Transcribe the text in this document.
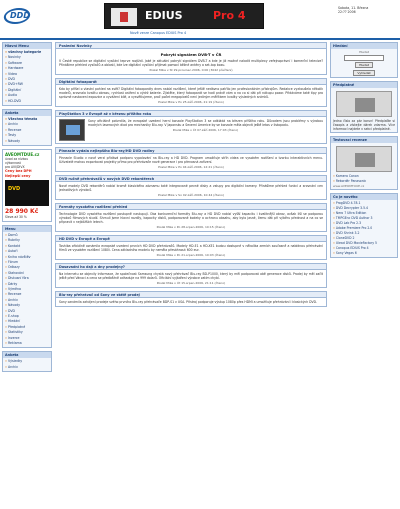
DDD	EDIUS	Pro 4
Nově verze Canopus EDIUS Pro 4
Sobota, 11. Března
22:?? 2006
Hlavní Menu
» všechny kategorie
» Novinky
» Software
» Hardware
» Videa
» DVD
» DVD+RW
» Digitální
» Audio
» HD-DVD
Anketa
» Všechna témata
» Archiv
» Recenze
» Testy
» Návody
AVEOMTDUE.cz
úvod za nízkou
výkonnost
pro AVI/DIVX
Ceny bez DPH
Nejlepší ceny
DVD
28 990 Kč
Sleva až 30 %
Menu
» Domů
» Rubriky
» Kontakt
» Autoři
» Kniha návštěv
» Fórum
» Odkazy
» Stahování
» Diskusní fóra
» Dárky
» Výměna
» Recenze
» Archiv
» Návody
» DVD
» E-shop
» Hledání
» Předplatné
» Statistiky
» Inzerce
» Reklama
Anketa
» Výsledky
» Archiv
Poslední Novinky
Pokrytí signálem DVB-T v ČR
V České republice se digitální vysílání teprve rozjíždí. Jaké je aktuální pokrytí signálem DVB-T a kde je již možné naladit multiplexy veřejnoprávní i komerční televize? Přinášíme přehled vysílačů a oblastí, kde lze digitální vysílání přijímat pomocí běžné antény a set-top boxu.
Poslal Mike v St 29.prosinec.2006, 0:00 (3042 přečtení)
Digitální fotoaparát
Kdo by přišel o vlastní pohled na svět? Digitální fotoaparáty dnes nabízí rozlišení, které ještě nedávno patřilo jen profesionálním přístrojům. Redakce vyzkoušela několik modelů, srovnala kvalitu obrazu, rychlost ostření a výdrž baterie. Zjistěte, který fotoaparát se hodí právě vám a na co si dát při nákupu pozor. Přidáváme také tipy pro správné nastavení expozice a vyvážení bílé, a vysvětlujeme, proč počet megapixelů není jediným měřítkem kvality výsledných snímků.
Poslal Mike v Po 25.září.2006, 21:19 (čteno)
PlayStation 3 v Evropě až v březnu příštího roku
Sony oficiálně potvrdila, že evropské uvedení herní konzole PlayStation 3 se odkládá na březen příštího roku. Důvodem jsou problémy s výrobou modrých laserových diod pro mechaniky Blu-ray. V Japonsku a Severní Americe by se konzole měla objevit ještě letos v listopadu.
Poslal Mike v Čt 07.září.2006, 17:03 (čteno)
Pinnacle vydala nejlepšího Blu-ray/HD DVD rodiny
Pinnacle Studio v nové verzi přidává podporu vypalování na Blu-ray a HD DVD. Program umožňuje střih videa ve vysokém rozlišení a tvorbu interaktivních menu. Uživatelé mohou exportovat projekty přímo pro přehrávače nové generace i pro přenosná zařízení.
Poslal Mike v Po 04.září.2006, 12:21 (čteno)
DVD ručně přehrávačů v nových DVD rekordérech
Nové modely DVD rekordérů nabízí kromě klasického záznamu také integrované pevné disky a vstupy pro digitální kamery. Přinášíme přehled funkcí a srovnání cen jednotlivých výrobců.
Poslal Mike v So 02.září.2006, 10:44 (čteno)
Formáty vysokého rozlišení přehled
Technologie DVD vysokého rozlišení postupně nastupují. Oba konkurenční formáty Blu-ray a HD DVD nabízí vyšší kapacitu i kvalitnější obraz, avšak liší se podporou výrobců filmových studií. Shrnuli jsme hlavní rozdíly, kapacity disků, podporované kodeky a ochranu obsahu, aby bylo jasné, čemu dát při výběru přednost a na co se připravit v nejbližších letech.
Poslal Mike v Po 28.srpen.2006, 10:15 (čteno)
HD DVD v Evropě a Evropě
Toshiba oficiálně oznámila evropské uvedení prvních HD DVD přehrávačů. Modely HD-E1 a HD-XE1 budou dostupné v několika zemích současně a nabídnou přehrávání filmů ve vysokém rozlišení 1080i. Cena základního modelu by neměla přesáhnout 600 eur.
Poslal Mike v Po 21.srpen.2006, 10:03 (čteno)
Dosavadní ho dají a dny prodejny?
Na internetu se objevily informace, že společnost Samsung chystá nový přehrávač Blu-ray BD-P1000, který by měl podporovat obě generace disků. Prodej by měl začít ještě před Vánoci a cena se předběžně odhaduje na 999 dolarů. Oficiální vyjádření výrobce zatím chybí.
Poslal Mike v Út 15.srpen.2006, 21:11 (čteno)
Blu-ray přehrávač od Sony ve státě prodej
Sony oznámila zahájení prodeje svého prvního Blu-ray přehrávače BDP-S1 v USA. Přístroj podporuje výstup 1080p přes HDMI a umožňuje přehrávání i klasických DVD.
Hledání
Hledat
Hledat
Vyhledat
Předplatné
Jedno číslo za pár korun! Předplaťte si časopis a získejte dárek zdarma. Více informací najdete v sekci předplatné.
Testovací recenze
» Kamera Canon
» Rekordér Panasonic
www.AVEOMTOUE.cz
Co je nového
» ProgDVD 4.78.1
» DVD Decrypter 3.5.4
» Nero 7 Ultra Edition
» TMPGEnc DVD Author 3
» DVD Lab Pro 2.3
» Adobe Premiere Pro 2.0
» DVD Shrink 3.2
» CloneDVD 2
» Ulead DVD MovieFactory 5
» Canopus EDIUS Pro 4
» Sony Vegas 6
